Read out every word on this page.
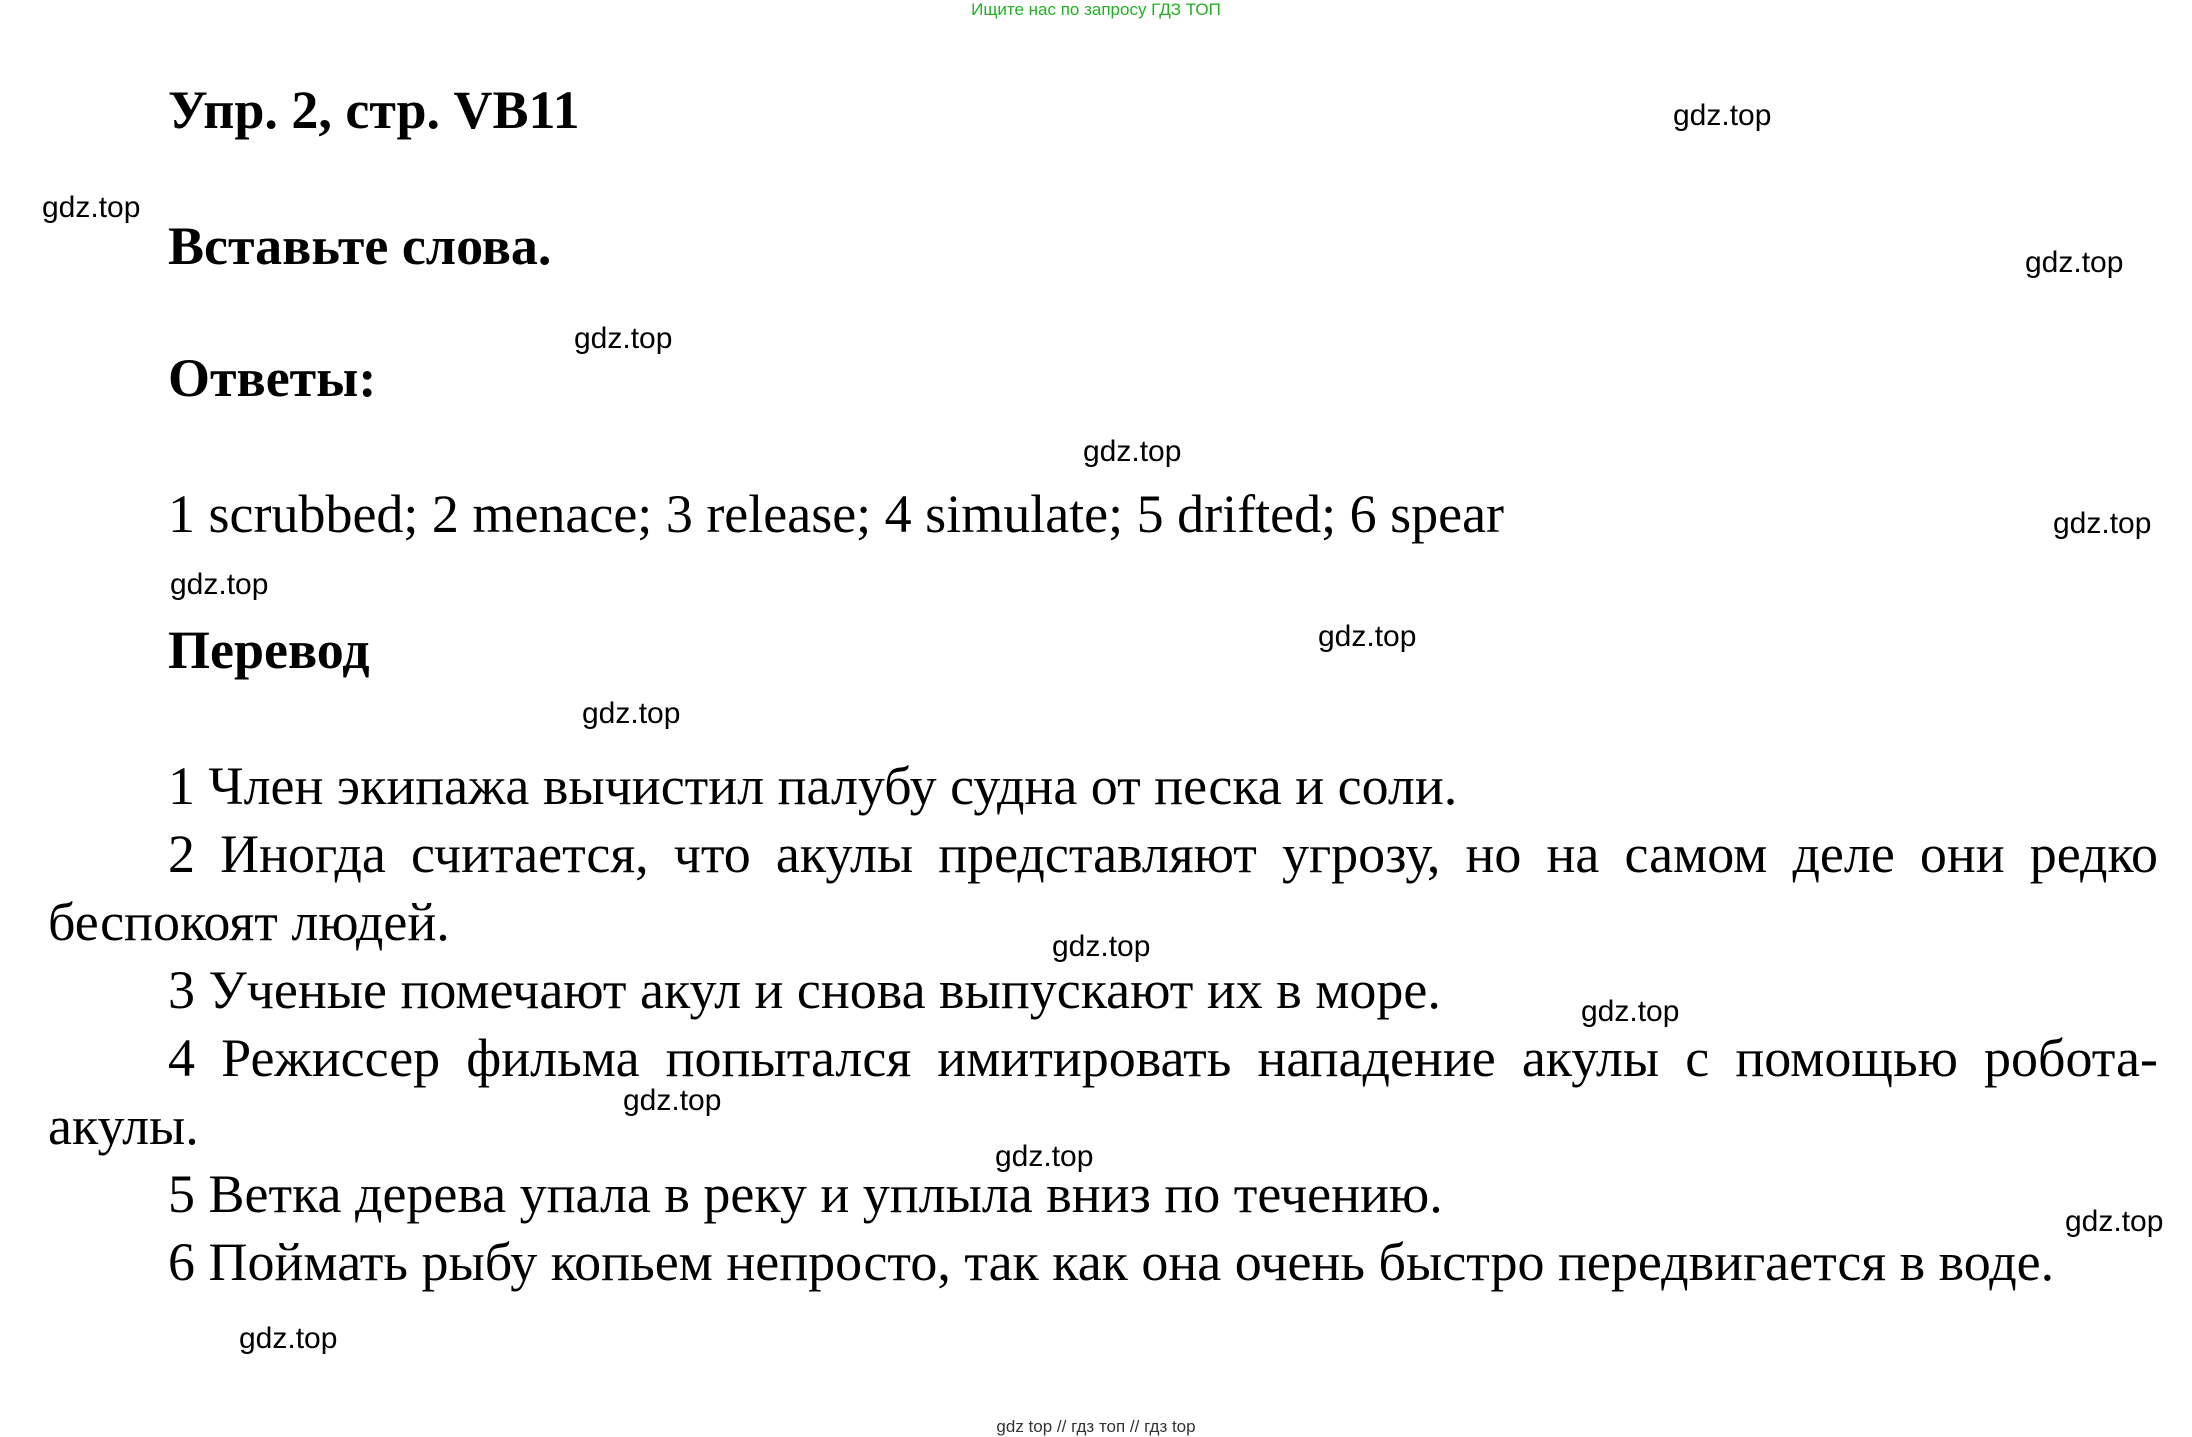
Ищите нас по запросу ГДЗ ТОП
Упр. 2, стр. VB11
Вставьте слова.
Ответы:
1 scrubbed; 2 menace; 3 release; 4 simulate; 5 drifted; 6 spear
Перевод

1 Член экипажа вычистил палубу судна от песка и соли.

2 Иногда считается, что акулы представляют угрозу, но на самом деле они редко беспокоят людей.

3 Ученые помечают акул и снова выпускают их в море.

4 Режиссер фильма попытался имитировать нападение акулы с помощью робота-акулы.

5 Ветка дерева упала в реку и уплыла вниз по течению.

6 Поймать рыбу копьем непросто, так как она очень быстро передвигается в воде.

gdz.top
gdz.top
gdz.top
gdz.top
gdz.top
gdz.top
gdz.top
gdz.top
gdz.top
gdz.top
gdz.top
gdz.top
gdz.top
gdz.top
gdz.top
gdz top // гдз топ // гдз top
